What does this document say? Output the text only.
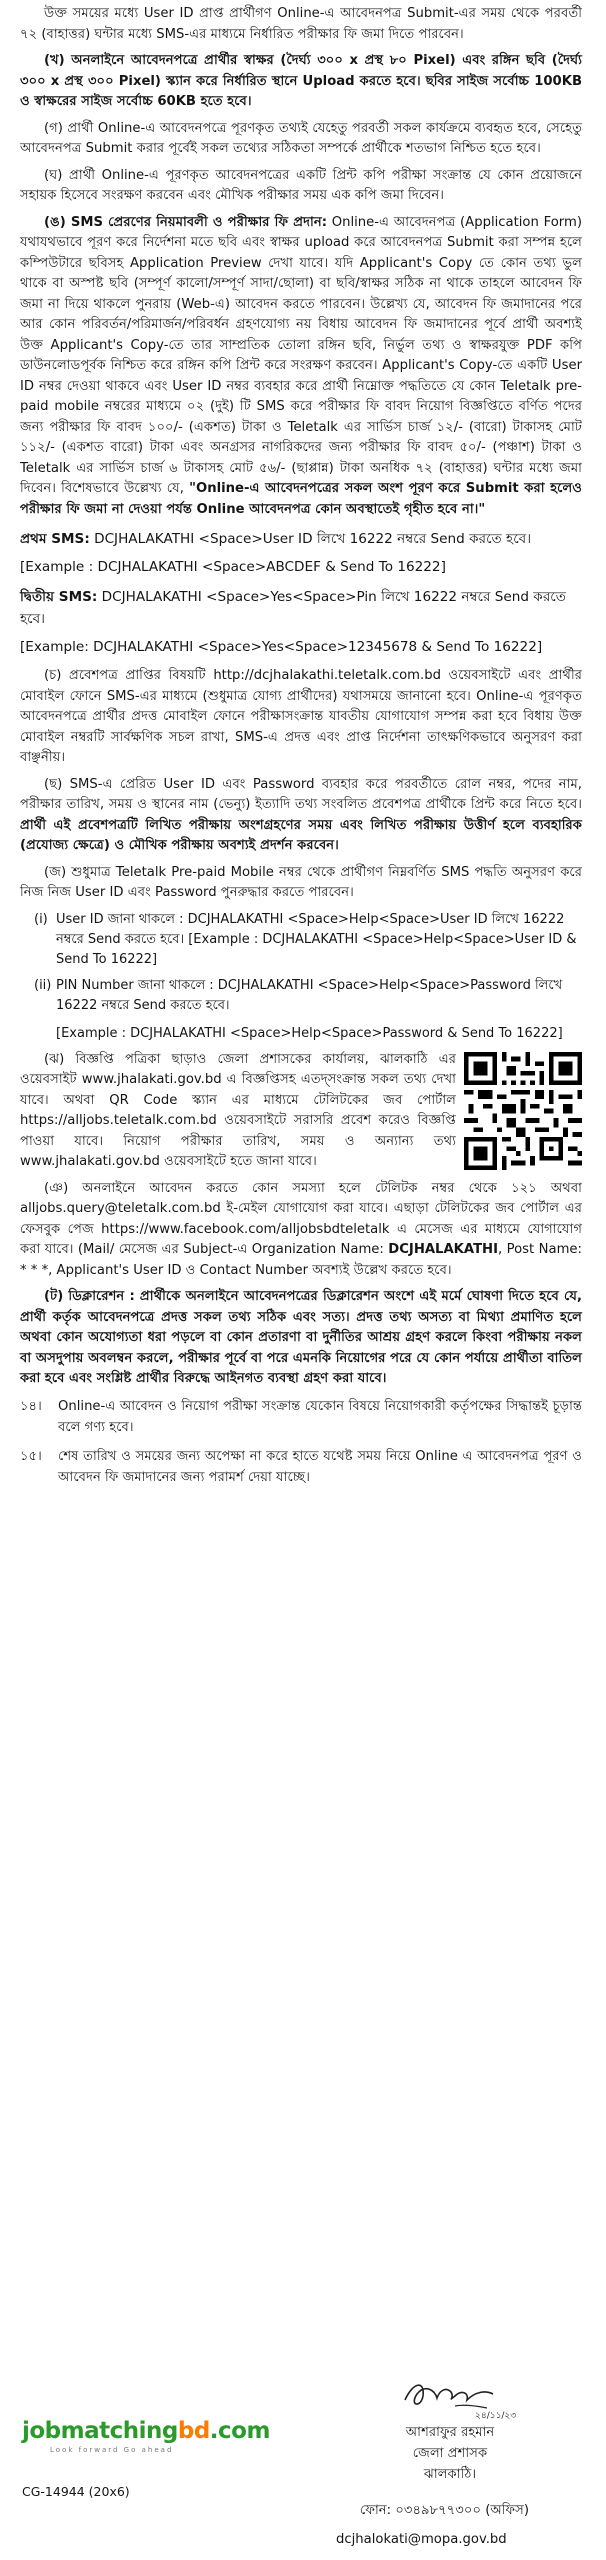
উক্ত সময়ের মধ্যে User ID প্রাপ্ত প্রার্থীগণ Online-এ আবেদনপত্র Submit-এর সময় থেকে পরবর্তী ৭২ (বাহাত্তর) ঘন্টার মধ্যে SMS-এর মাধ্যমে নির্ধারিত পরীক্ষার ফি জমা দিতে পারবেন।

(খ) অনলাইনে আবেদনপত্রে প্রার্থীর স্বাক্ষর (দৈর্ঘ্য ৩০০ x প্রস্থ ৮০ Pixel) এবং রঙ্গিন ছবি (দৈর্ঘ্য ৩০০ x প্রস্থ ৩০০ Pixel) স্ক্যান করে নির্ধারিত স্থানে Upload করতে হবে। ছবির সাইজ সর্বোচ্চ 100KB ও স্বাক্ষরের সাইজ সর্বোচ্চ 60KB হতে হবে।

(গ) প্রার্থী Online-এ আবেদনপত্রে পূরণকৃত তথ্যই যেহেতু পরবর্তী সকল কার্যক্রমে ব্যবহৃত হবে, সেহেতু আবেদনপত্র Submit করার পূর্বেই সকল তথ্যের সঠিকতা সম্পর্কে প্রার্থীকে শতভাগ নিশ্চিত হতে হবে।

(ঘ) প্রার্থী Online-এ পূরণকৃত আবেদনপত্রের একটি প্রিন্ট কপি পরীক্ষা সংক্রান্ত যে কোন প্রয়োজনে সহায়ক হিসেবে সংরক্ষণ করবেন এবং মৌখিক পরীক্ষার সময় এক কপি জমা দিবেন।

(ঙ) SMS প্রেরণের নিয়মাবলী ও পরীক্ষার ফি প্রদান: Online-এ আবেদনপত্র (Application Form) যথাযথভাবে পূরণ করে নির্দেশনা মতে ছবি এবং স্বাক্ষর upload করে আবেদনপত্র Submit করা সম্পন্ন হলে কম্পিউটারে ছবিসহ Application Preview দেখা যাবে। যদি Applicant's Copy তে কোন তথ্য ভুল থাকে বা অস্পষ্ট ছবি (সম্পূর্ণ কালো/সম্পূর্ণ সাদা/ছোলা) বা ছবি/স্বাক্ষর সঠিক না থাকে তাহলে আবেদন ফি জমা না দিয়ে থাকলে পুনরায় (Web-এ) আবেদন করতে পারবেন। উল্লেখ্য যে, আবেদন ফি জমাদানের পরে আর কোন পরিবর্তন/পরিমার্জন/পরিবর্ধন গ্রহণযোগ্য নয় বিধায় আবেদন ফি জমাদানের পূর্বে প্রার্থী অবশ্যই উক্ত Applicant's Copy-তে তার সাম্প্রতিক তোলা রঙ্গিন ছবি, নির্ভুল তথ্য ও স্বাক্ষরযুক্ত PDF কপি ডাউনলোডপূর্বক নিশ্চিত করে রঙ্গিন কপি প্রিন্ট করে সংরক্ষণ করবেন। Applicant's Copy-তে একটি User ID নম্বর দেওয়া থাকবে এবং User ID নম্বর ব্যবহার করে প্রার্থী নিম্নোক্ত পদ্ধতিতে যে কোন Teletalk pre-paid mobile নম্বরের মাধ্যমে ০২ (দুই) টি SMS করে পরীক্ষার ফি বাবদ নিয়োগ বিজ্ঞপ্তিতে বর্ণিত পদের জন্য পরীক্ষার ফি বাবদ ১০০/- (একশত) টাকা ও Teletalk এর সার্ভিস চার্জ ১২/- (বারো) টাকাসহ মোট ১১২/- (একশত বারো) টাকা এবং অনগ্রসর নাগরিকদের জন্য পরীক্ষার ফি বাবদ ৫০/- (পঞ্চাশ) টাকা ও Teletalk এর সার্ভিস চার্জ ৬ টাকাসহ মোট ৫৬/- (ছাপ্পান্ন) টাকা অনধিক ৭২ (বাহাত্তর) ঘন্টার মধ্যে জমা দিবেন। বিশেষভাবে উল্লেখ্য যে, "Online-এ আবেদনপত্রের সকল অংশ পূরণ করে Submit করা হলেও পরীক্ষার ফি জমা না দেওয়া পর্যন্ত Online আবেদনপত্র কোন অবস্থাতেই গৃহীত হবে না।"

প্রথম SMS: DCJHALAKATHI <Space>User ID লিখে 16222 নম্বরে Send করতে হবে।

[Example : DCJHALAKATHI <Space>ABCDEF & Send To 16222]

দ্বিতীয় SMS: DCJHALAKATHI <Space>Yes<Space>Pin লিখে 16222 নম্বরে Send করতে হবে।

[Example: DCJHALAKATHI <Space>Yes<Space>12345678 & Send To 16222]

(চ) প্রবেশপত্র প্রাপ্তির বিষয়টি http://dcjhalakathi.teletalk.com.bd ওয়েবসাইটে এবং প্রার্থীর মোবাইল ফোনে SMS-এর মাধ্যমে (শুধুমাত্র যোগ্য প্রার্থীদের) যথাসময়ে জানানো হবে। Online-এ পূরণকৃত আবেদনপত্রে প্রার্থীর প্রদত্ত মোবাইল ফোনে পরীক্ষাসংক্রান্ত যাবতীয় যোগাযোগ সম্পন্ন করা হবে বিধায় উক্ত মোবাইল নম্বরটি সার্বক্ষণিক সচল রাখা, SMS-এ প্রদত্ত এবং প্রাপ্ত নির্দেশনা তাৎক্ষণিকভাবে অনুসরণ করা বাঞ্ছনীয়।

(ছ) SMS-এ প্রেরিত User ID এবং Password ব্যবহার করে পরবর্তীতে রোল নম্বর, পদের নাম, পরীক্ষার তারিখ, সময় ও স্থানের নাম (ভেন্যু) ইত্যাদি তথ্য সংবলিত প্রবেশপত্র প্রার্থীকে প্রিন্ট করে নিতে হবে। প্রার্থী এই প্রবেশপত্রটি লিখিত পরীক্ষায় অংশগ্রহণের সময় এবং লিখিত পরীক্ষায় উত্তীর্ণ হলে ব্যবহারিক (প্রযোজ্য ক্ষেত্রে) ও মৌখিক পরীক্ষায় অবশ্যই প্রদর্শন করবেন।

(জ) শুধুমাত্র Teletalk Pre-paid Mobile নম্বর থেকে প্রার্থীগণ নিম্নবর্ণিত SMS পদ্ধতি অনুসরণ করে নিজ নিজ User ID এবং Password পুনরুদ্ধার করতে পারবেন।

(i) User ID জানা থাকলে : DCJHALAKATHI <Space>Help<Space>User ID লিখে 16222 নম্বরে Send করতে হবে। [Example : DCJHALAKATHI <Space>Help<Space>User ID & Send To 16222]
(ii) PIN Number জানা থাকলে : DCJHALAKATHI <Space>Help<Space>Password লিখে 16222 নম্বরে Send করতে হবে।
[Example : DCJHALAKATHI <Space>Help<Space>Password & Send To 16222]

(ঝ) বিজ্ঞপ্তি পত্রিকা ছাড়াও জেলা প্রশাসকের কার্যালয়, ঝালকাঠি এর ওয়েবসাইট www.jhalakati.gov.bd এ বিজ্ঞপ্তিসহ এতদ্সংক্রান্ত সকল তথ্য দেখা যাবে। অথবা QR Code স্ক্যান এর মাধ্যমে টেলিটকের জব পোর্টাল https://alljobs.teletalk.com.bd ওয়েবসাইটে সরাসরি প্রবেশ করেও বিজ্ঞপ্তি পাওয়া যাবে। নিয়োগ পরীক্ষার তারিখ, সময় ও অন্যান্য তথ্য www.jhalakati.gov.bd ওয়েবসাইটে হতে জানা যাবে।

(ঞ) অনলাইনে আবেদন করতে কোন সমস্যা হলে টেলিটক নম্বর থেকে ১২১ অথবা alljobs.query@teletalk.com.bd ই-মেইল যোগাযোগ করা যাবে। এছাড়া টেলিটকের জব পোর্টাল এর ফেসবুক পেজ https://www.facebook.com/alljobsbdteletalk এ মেসেজ এর মাধ্যমে যোগাযোগ করা যাবে। (Mail/ মেসেজ এর Subject-এ Organization Name: DCJHALAKATHI, Post Name: * * *, Applicant's User ID ও Contact Number অবশ্যই উল্লেখ করতে হবে।

(ট) ডিক্লারেশন : প্রার্থীকে অনলাইনে আবেদনপত্রের ডিক্লারেশন অংশে এই মর্মে ঘোষণা দিতে হবে যে, প্রার্থী কর্তৃক আবেদনপত্রে প্রদত্ত সকল তথ্য সঠিক এবং সত্য। প্রদত্ত তথ্য অসত্য বা মিথ্যা প্রমাণিত হলে অথবা কোন অযোগ্যতা ধরা পড়লে বা কোন প্রতারণা বা দুর্নীতির আশ্রয় গ্রহণ করলে কিংবা পরীক্ষায় নকল বা অসদুপায় অবলম্বন করলে, পরীক্ষার পূর্বে বা পরে এমনকি নিয়োগের পরে যে কোন পর্যায়ে প্রার্থীতা বাতিল করা হবে এবং সংশ্লিষ্ট প্রার্থীর বিরুদ্ধে আইনগত ব্যবস্থা গ্রহণ করা যাবে।

১৪।	Online-এ আবেদন ও নিয়োগ পরীক্ষা সংক্রান্ত যেকোন বিষয়ে নিয়োগকারী কর্তৃপক্ষের সিদ্ধান্তই চূড়ান্ত বলে গণ্য হবে।
১৫।	শেষ তারিখ ও সময়ের জন্য অপেক্ষা না করে হাতে যথেষ্ট সময় নিয়ে Online এ আবেদনপত্র পূরণ ও আবেদন ফি জমাদানের জন্য পরামর্শ দেয়া যাচ্ছে।
jobmatchingbd.com
Look forward Go ahead
CG-14944 (20x6)
২৪/১১/২৩
আশরাফুর রহমান
জেলা প্রশাসক
ঝালকাঠি।
ফোন: ০৩৪৯৮৭৭৩০০ (অফিস)
dcjhalokati@mopa.gov.bd
